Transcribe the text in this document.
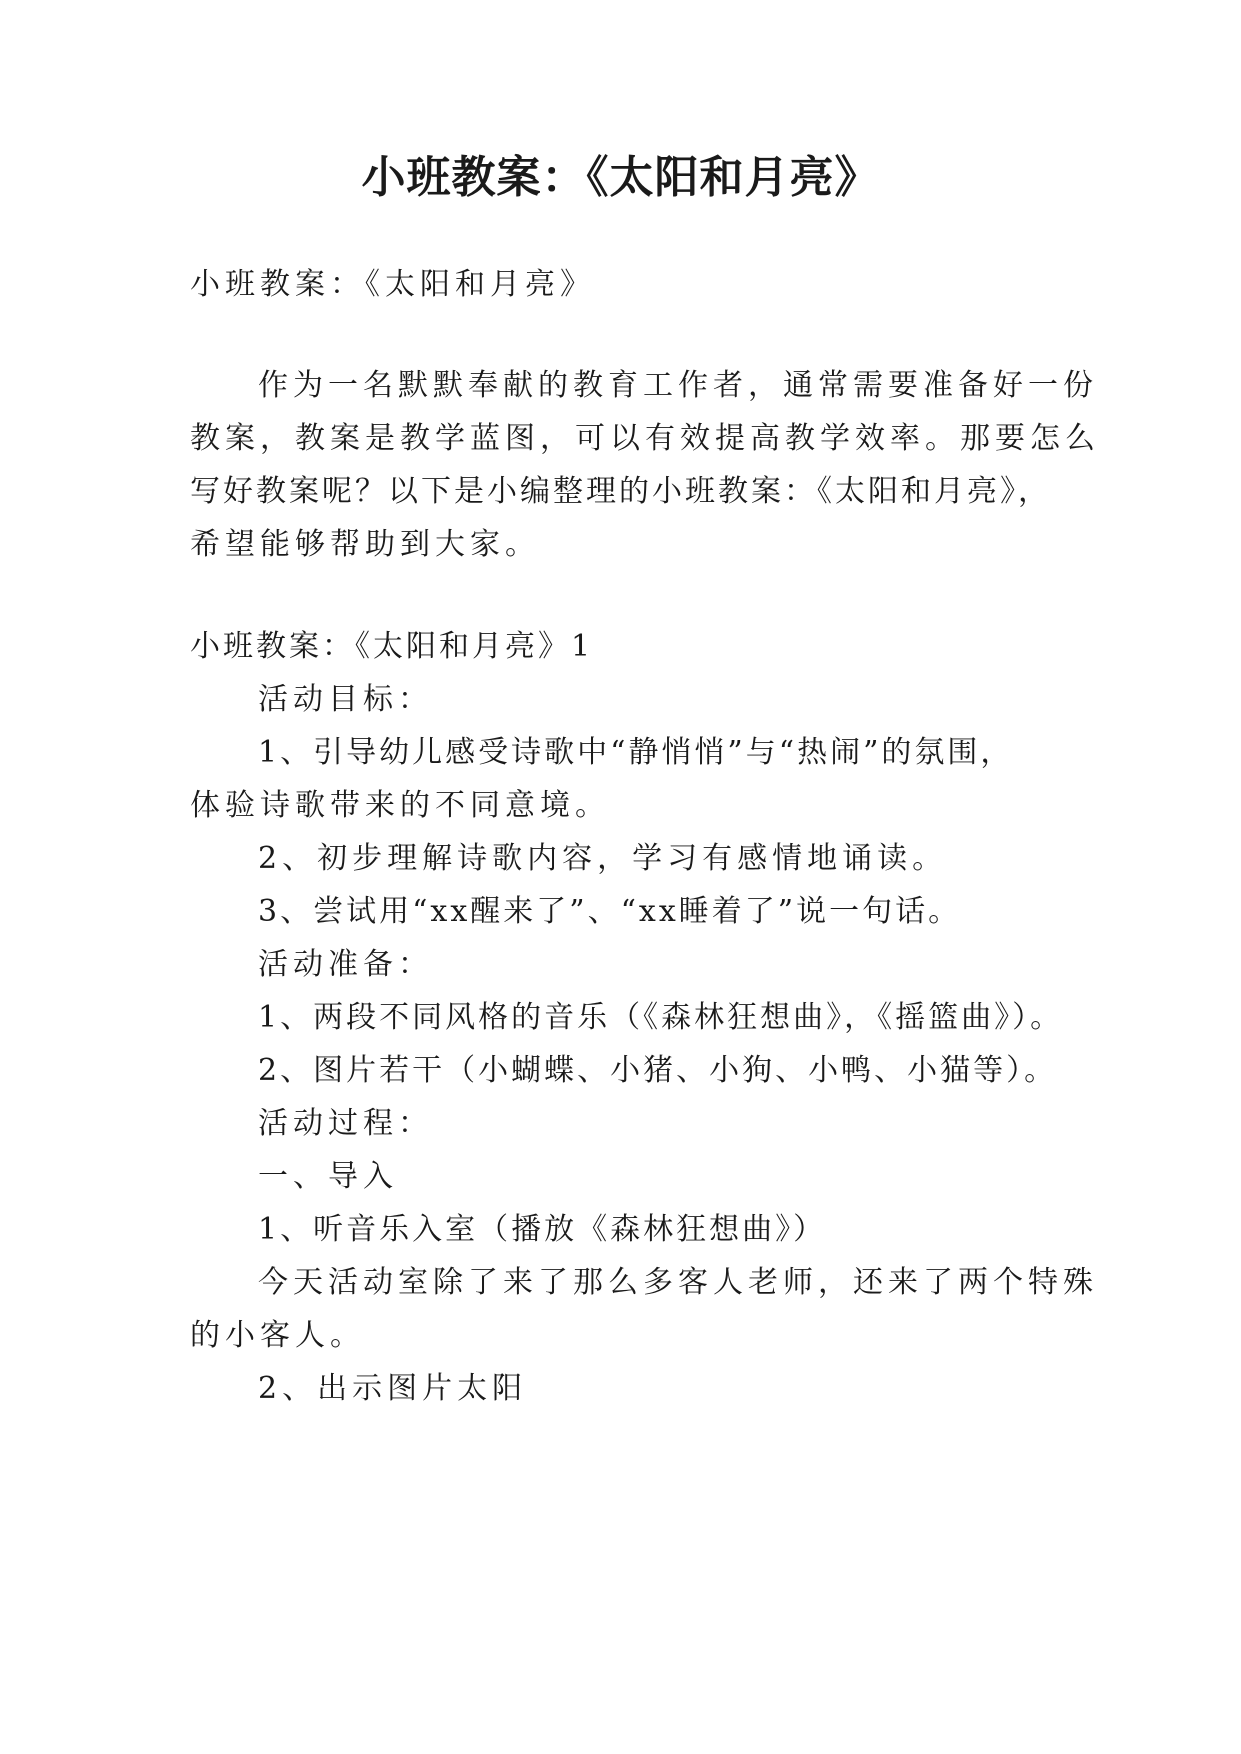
小班教案：《太阳和月亮》
小班教案：《太阳和月亮》
作为一名默默奉献的教育工作者，通常需要准备好一份
教案，教案是教学蓝图，可以有效提高教学效率。那要怎么
写好教案呢？以下是小编整理的小班教案：《太阳和月亮》，
希望能够帮助到大家。
小班教案：《太阳和月亮》1
活动目标：
1、引导幼儿感受诗歌中“静悄悄”与“热闹”的氛围，
体验诗歌带来的不同意境。
2、初步理解诗歌内容，学习有感情地诵读。
3、尝试用“xx醒来了”、“xx睡着了”说一句话。
活动准备：
1、两段不同风格的音乐（《森林狂想曲》，《摇篮曲》）。
2、图片若干（小蝴蝶、小猪、小狗、小鸭、小猫等）。
活动过程：
一、导入
1、听音乐入室（播放《森林狂想曲》）
今天活动室除了来了那么多客人老师，还来了两个特殊
的小客人。
2、出示图片太阳
